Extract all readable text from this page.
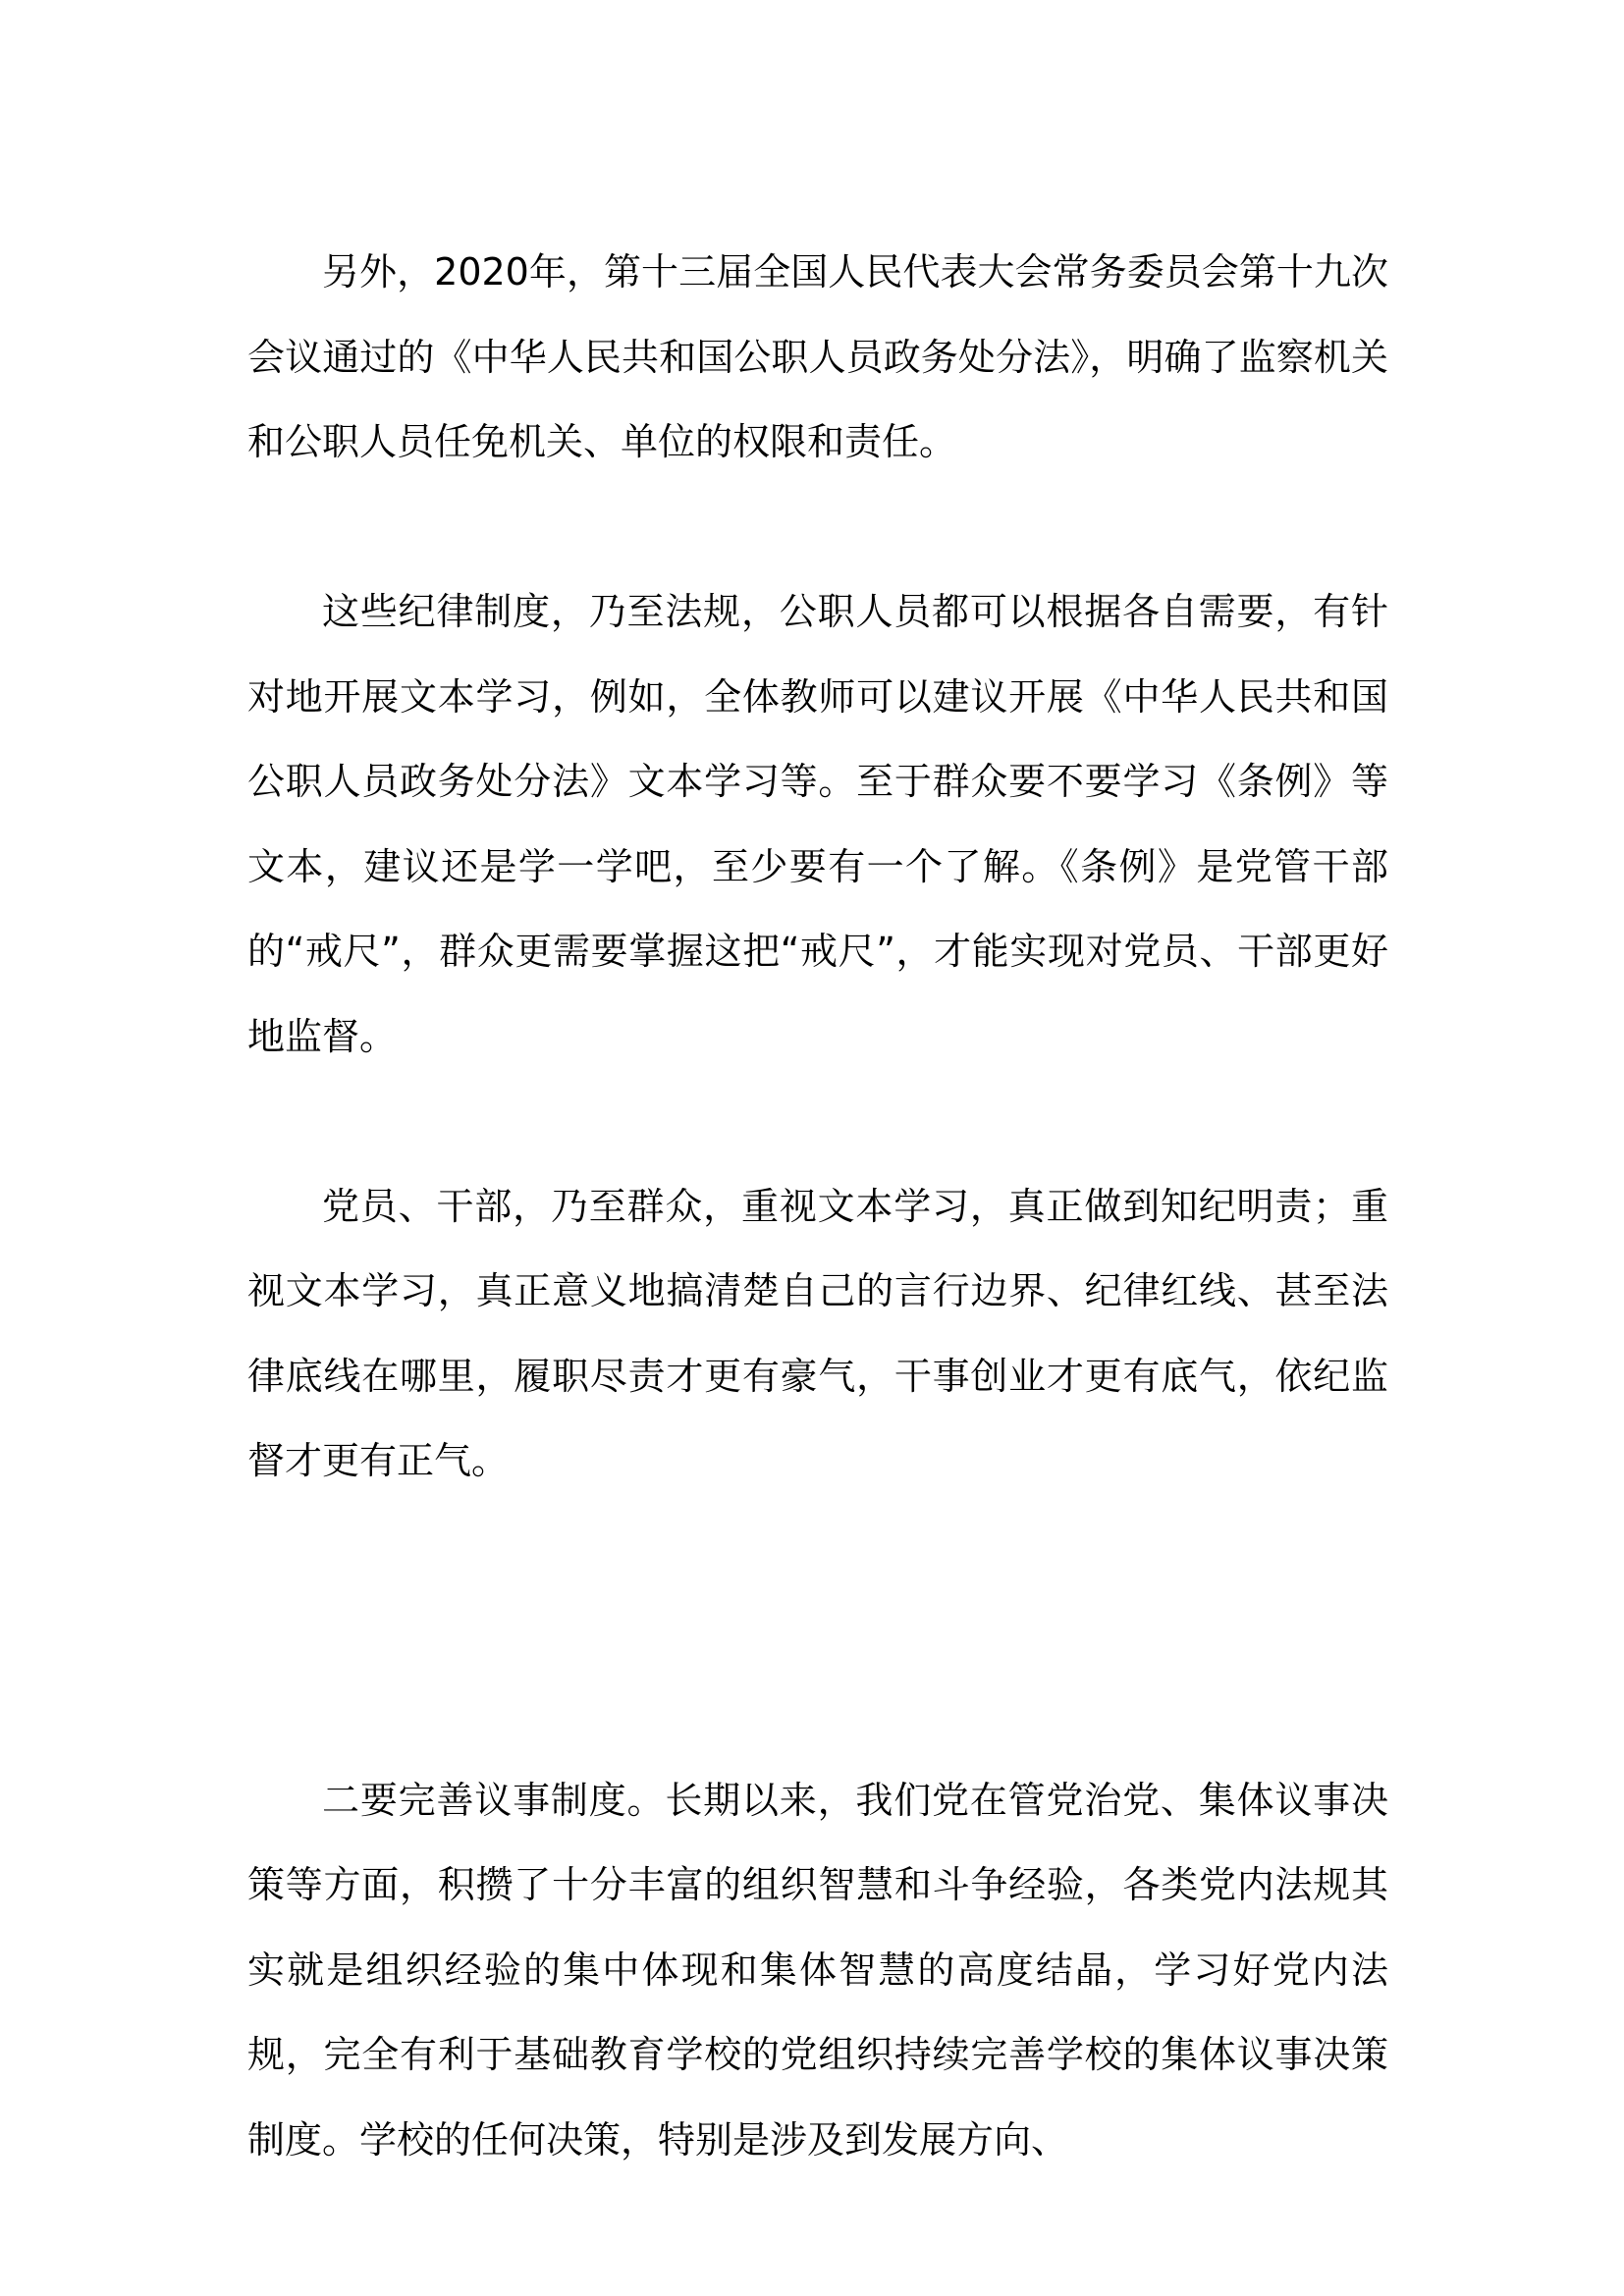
另外，2020年，第十三届全国人民代表大会常务委员会第十九次会议通过的《中华人民共和国公职人员政务处分法》，明确了监察机关和公职人员任免机关、单位的权限和责任。

这些纪律制度，乃至法规，公职人员都可以根据各自需要，有针对地开展文本学习，例如，全体教师可以建议开展《中华人民共和国公职人员政务处分法》文本学习等。至于群众要不要学习《条例》等文本，建议还是学一学吧，至少要有一个了解。《条例》是党管干部的“戒尺”，群众更需要掌握这把“戒尺”，才能实现对党员、干部更好地监督。

党员、干部，乃至群众，重视文本学习，真正做到知纪明责；重视文本学习，真正意义地搞清楚自己的言行边界、纪律红线、甚至法律底线在哪里，履职尽责才更有豪气，干事创业才更有底气，依纪监督才更有正气。

二要完善议事制度。长期以来，我们党在管党治党、集体议事决策等方面，积攒了十分丰富的组织智慧和斗争经验，各类党内法规其实就是组织经验的集中体现和集体智慧的高度结晶，学习好党内法规，完全有利于基础教育学校的党组织持续完善学校的集体议事决策制度。学校的任何决策，特别是涉及到发展方向、
